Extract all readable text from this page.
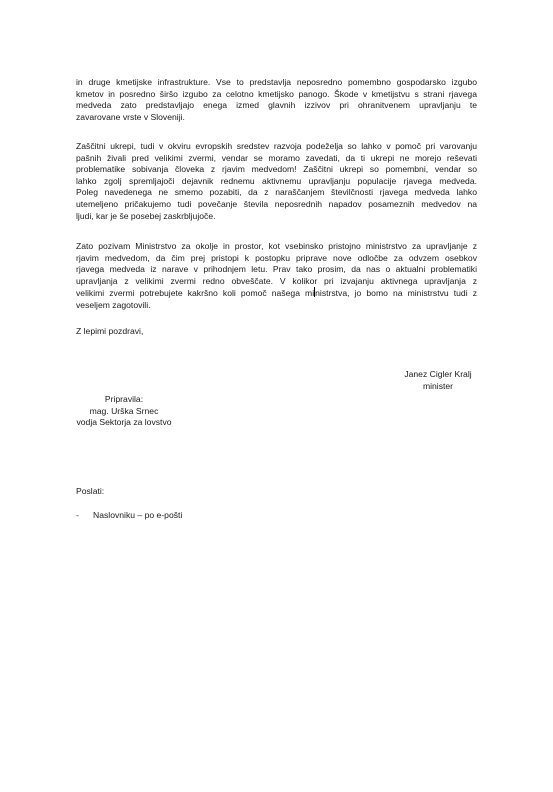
in druge kmetijske infrastrukture. Vse to predstavlja neposredno pomembno gospodarsko izgubo
kmetov in posredno širšo izgubo za celotno kmetijsko panogo. Škode v kmetijstvu s strani rjavega
medveda zato predstavljajo enega izmed glavnih izzivov pri ohranitvenem upravljanju te
zavarovane vrste v Sloveniji.

Zaščitni ukrepi, tudi v okviru evropskih sredstev razvoja podeželja so lahko v pomoč pri varovanju
pašnih živali pred velikimi zvermi, vendar se moramo zavedati, da ti ukrepi ne morejo reševati
problematike sobivanja človeka z rjavim medvedom! Zaščitni ukrepi so pomembni, vendar so
lahko zgolj spremljajoči dejavnik rednemu aktivnemu upravljanju populacije rjavega medveda.
Poleg navedenega ne smemo pozabiti, da z naraščanjem številčnosti rjavega medveda lahko
utemeljeno pričakujemo tudi povečanje števila neposrednih napadov posameznih medvedov na
ljudi, kar je še posebej zaskrbljujoče.

Zato pozivam Ministrstvo za okolje in prostor, kot vsebinsko pristojno ministrstvo za upravljanje z
rjavim medvedom, da čim prej pristopi k postopku priprave nove odločbe za odvzem osebkov
rjavega medveda iz narave v prihodnjem letu. Prav tako prosim, da nas o aktualni problematiki
upravljanja z velikimi zvermi redno obveščate. V kolikor pri izvajanju aktivnega upravljanja z
velikimi zvermi potrebujete kakršno koli pomoč našega ministrstva, jo bomo na ministrstvu tudi z
veseljem zagotovili.

Z lepimi pozdravi,

Janez Cigler Kralj
minister
Pripravila:
mag. Urška Srnec
vodja Sektorja za lovstvo

Poslati:

- Naslovniku – po e-pošti
